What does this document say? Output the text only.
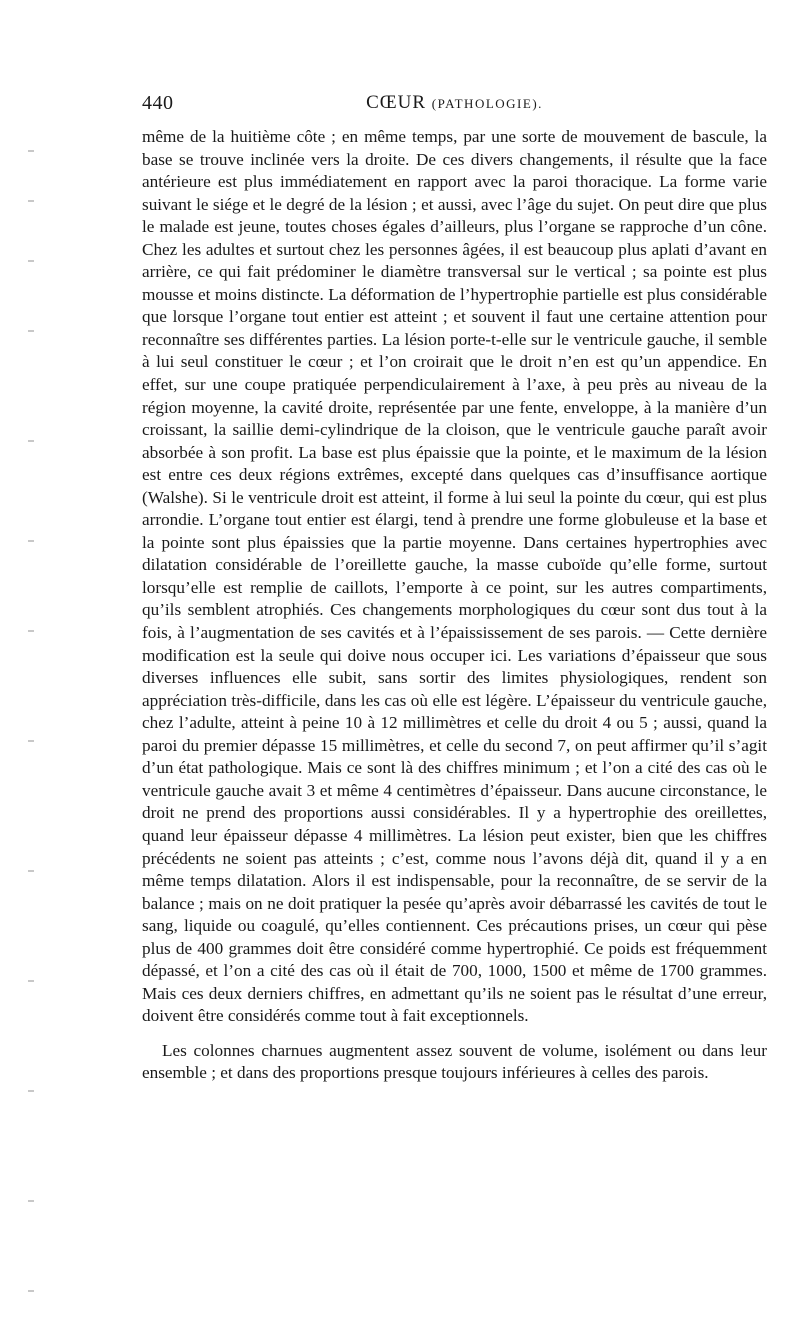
440	CŒUR (PATHOLOGIE).

même de la huitième côte ; en même temps, par une sorte de mouvement de bascule, la base se trouve inclinée vers la droite. De ces divers changements, il résulte que la face antérieure est plus immédiatement en rapport avec la paroi thoracique. La forme varie suivant le siége et le degré de la lésion ; et aussi, avec l’âge du sujet. On peut dire que plus le malade est jeune, toutes choses égales d’ailleurs, plus l’organe se rapproche d’un cône. Chez les adultes et surtout chez les personnes âgées, il est beaucoup plus aplati d’avant en arrière, ce qui fait prédominer le diamètre transversal sur le vertical ; sa pointe est plus mousse et moins distincte. La déformation de l’hypertrophie partielle est plus considérable que lorsque l’organe tout entier est atteint ; et souvent il faut une certaine attention pour reconnaître ses différentes parties. La lésion porte-t-elle sur le ventricule gauche, il semble à lui seul constituer le cœur ; et l’on croirait que le droit n’en est qu’un appendice. En effet, sur une coupe pratiquée perpendiculairement à l’axe, à peu près au niveau de la région moyenne, la cavité droite, représentée par une fente, enveloppe, à la manière d’un croissant, la saillie demi-cylindrique de la cloison, que le ventricule gauche paraît avoir absorbée à son profit. La base est plus épaissie que la pointe, et le maximum de la lésion est entre ces deux régions extrêmes, excepté dans quelques cas d’insuffisance aortique (Walshe). Si le ventricule droit est atteint, il forme à lui seul la pointe du cœur, qui est plus arrondie. L’organe tout entier est élargi, tend à prendre une forme globuleuse et la base et la pointe sont plus épaissies que la partie moyenne. Dans certaines hypertrophies avec dilatation considérable de l’oreillette gauche, la masse cuboïde qu’elle forme, surtout lorsqu’elle est remplie de caillots, l’emporte à ce point, sur les autres compartiments, qu’ils semblent atrophiés. Ces changements morphologiques du cœur sont dus tout à la fois, à l’augmentation de ses cavités et à l’épaississement de ses parois. — Cette dernière modification est la seule qui doive nous occuper ici. Les variations d’épaisseur que sous diverses influences elle subit, sans sortir des limites physiologiques, rendent son appréciation très-difficile, dans les cas où elle est légère. L’épaisseur du ventricule gauche, chez l’adulte, atteint à peine 10 à 12 millimètres et celle du droit 4 ou 5 ; aussi, quand la paroi du premier dépasse 15 millimètres, et celle du second 7, on peut affirmer qu’il s’agit d’un état pathologique. Mais ce sont là des chiffres minimum ; et l’on a cité des cas où le ventricule gauche avait 3 et même 4 centimètres d’épaisseur. Dans aucune circonstance, le droit ne prend des proportions aussi considérables. Il y a hypertrophie des oreillettes, quand leur épaisseur dépasse 4 millimètres. La lésion peut exister, bien que les chiffres précédents ne soient pas atteints ; c’est, comme nous l’avons déjà dit, quand il y a en même temps dilatation. Alors il est indispensable, pour la reconnaître, de se servir de la balance ; mais on ne doit pratiquer la pesée qu’après avoir débarrassé les cavités de tout le sang, liquide ou coagulé, qu’elles contiennent. Ces précautions prises, un cœur qui pèse plus de 400 grammes doit être considéré comme hypertrophié. Ce poids est fréquemment dépassé, et l’on a cité des cas où il était de 700, 1000, 1500 et même de 1700 grammes. Mais ces deux derniers chiffres, en admettant qu’ils ne soient pas le résultat d’une erreur, doivent être considérés comme tout à fait exceptionnels.

Les colonnes charnues augmentent assez souvent de volume, isolément ou dans leur ensemble ; et dans des proportions presque toujours inférieures à celles des parois.
